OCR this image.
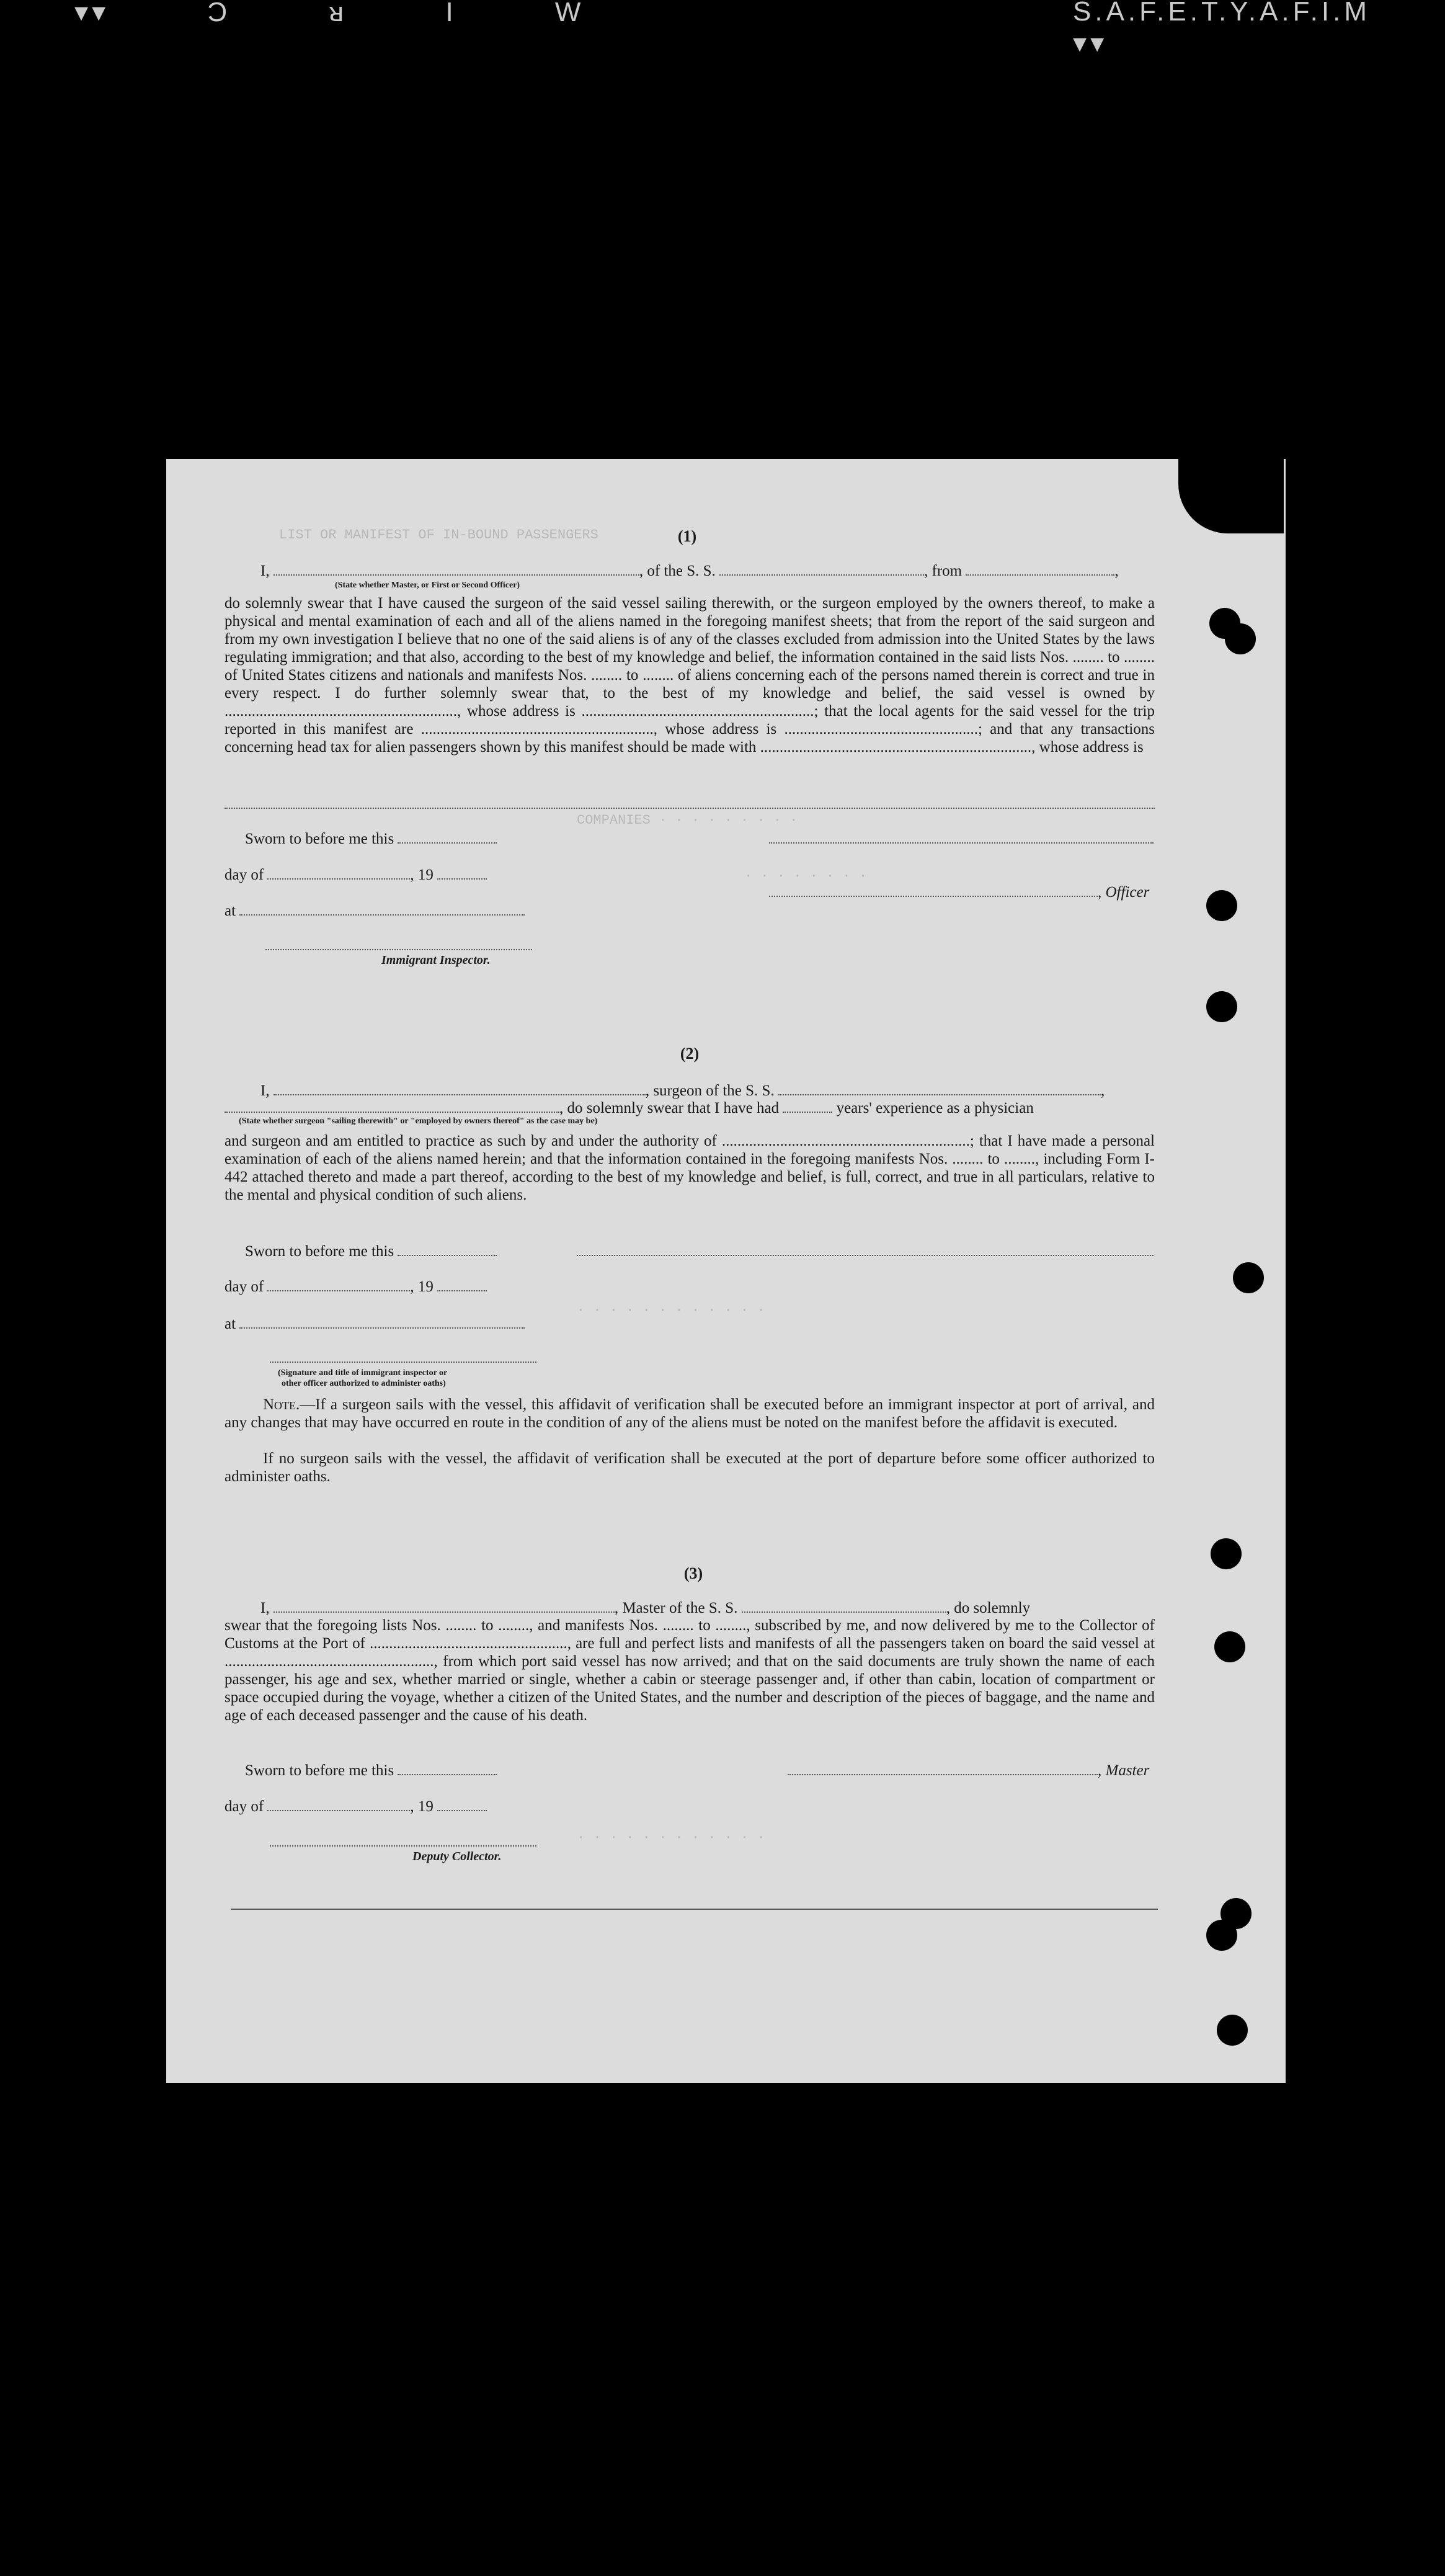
▾▾ Ɔ ᴚ I W	S.A.F.E.T.Y.A.F.I.M ▾▾
LIST OR MANIFEST OF IN-BOUND PASSENGERS
COMPANIES · · · · · · · · ·
· · · · · · · ·
· · · · · · · · · · · ·
· · · · · · · · · · · ·
(1)
I,	, of the S. S.	, from	,
(State whether Master, or First or Second Officer)
do solemnly swear that I have caused the surgeon of the said vessel sailing therewith, or the surgeon employed by the owners thereof, to make a physical and mental examination of each and all of the aliens named in the foregoing manifest sheets; that from the report of the said surgeon and from my own investigation I believe that no one of the said aliens is of any of the classes excluded from admission into the United States by the laws regulating immigration; and that also, according to the best of my knowledge and belief, the information contained in the said lists Nos. ........ to ........ of United States citizens and nationals and manifests Nos. ........ to ........ of aliens concerning each of the persons named therein is correct and true in every respect. I do further solemnly swear that, to the best of my knowledge and belief, the said vessel is owned by ............................................................, whose address is ............................................................; that the local agents for the said vessel for the trip reported in this manifest are ............................................................, whose address is ..................................................; and that any transactions concerning head tax for alien passengers shown by this manifest should be made with ......................................................................, whose address is
Sworn to before me this
day of	, 19
, Officer
at
Immigrant Inspector.
(2)
I,	, surgeon of the S. S.	,
, do solemnly swear that I have had	years' experience as a physician
(State whether surgeon "sailing therewith" or "employed by owners thereof" as the case may be)
and surgeon and am entitled to practice as such by and under the authority of ................................................................; that I have made a personal examination of each of the aliens named herein; and that the information contained in the foregoing manifests Nos. ........ to ........, including Form I-442 attached thereto and made a part thereof, according to the best of my knowledge and belief, is full, correct, and true in all particulars, relative to the mental and physical condition of such aliens.
Sworn to before me this
day of	, 19
at
(Signature and title of immigrant inspector or
other officer authorized to administer oaths)
Note.—If a surgeon sails with the vessel, this affidavit of verification shall be executed before an immigrant inspector at port of arrival, and any changes that may have occurred en route in the condition of any of the aliens must be noted on the manifest before the affidavit is executed.
If no surgeon sails with the vessel, the affidavit of verification shall be executed at the port of departure before some officer authorized to administer oaths.
(3)
I,	, Master of the S. S.	, do solemnly
swear that the foregoing lists Nos. ........ to ........, and manifests Nos. ........ to ........, subscribed by me, and now delivered by me to the Collector of Customs at the Port of ..................................................., are full and perfect lists and manifests of all the passengers taken on board the said vessel at ......................................................, from which port said vessel has now arrived; and that on the said documents are truly shown the name of each passenger, his age and sex, whether married or single, whether a cabin or steerage passenger and, if other than cabin, location of compartment or space occupied during the voyage, whether a citizen of the United States, and the number and description of the pieces of baggage, and the name and age of each deceased passenger and the cause of his death.
Sworn to before me this	, Master
day of	, 19
Deputy Collector.
